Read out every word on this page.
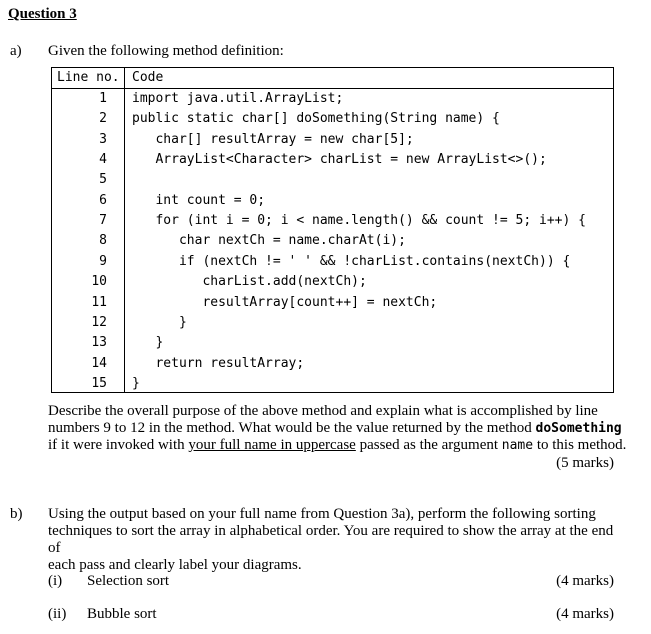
Question 3
a) Given the following method definition:
Line no. Code
1 import java.util.ArrayList;
2 public static char[] doSomething(String name) {
3 char[] resultArray = new char[5];
4 ArrayList<Character> charList = new ArrayList<>();
5
6 int count = 0;
7 for (int i = 0; i < name.length() && count != 5; i++) {
8 char nextCh = name.charAt(i);
9 if (nextCh != ' ' && !charList.contains(nextCh)) {
10 charList.add(nextCh);
11 resultArray[count++] = nextCh;
12 }
13 }
14 return resultArray;
15 }
Describe the overall purpose of the above method and explain what is accomplished by line
numbers 9 to 12 in the method. What would be the value returned by the method doSomething
if it were invoked with your full name in uppercase passed as the argument name to this method.
(5 marks)
b) Using the output based on your full name from Question 3a), perform the following sorting
techniques to sort the array in alphabetical order. You are required to show the array at the end of
each pass and clearly label your diagrams.
(i) Selection sort	(4 marks)
(ii) Bubble sort	(4 marks)
